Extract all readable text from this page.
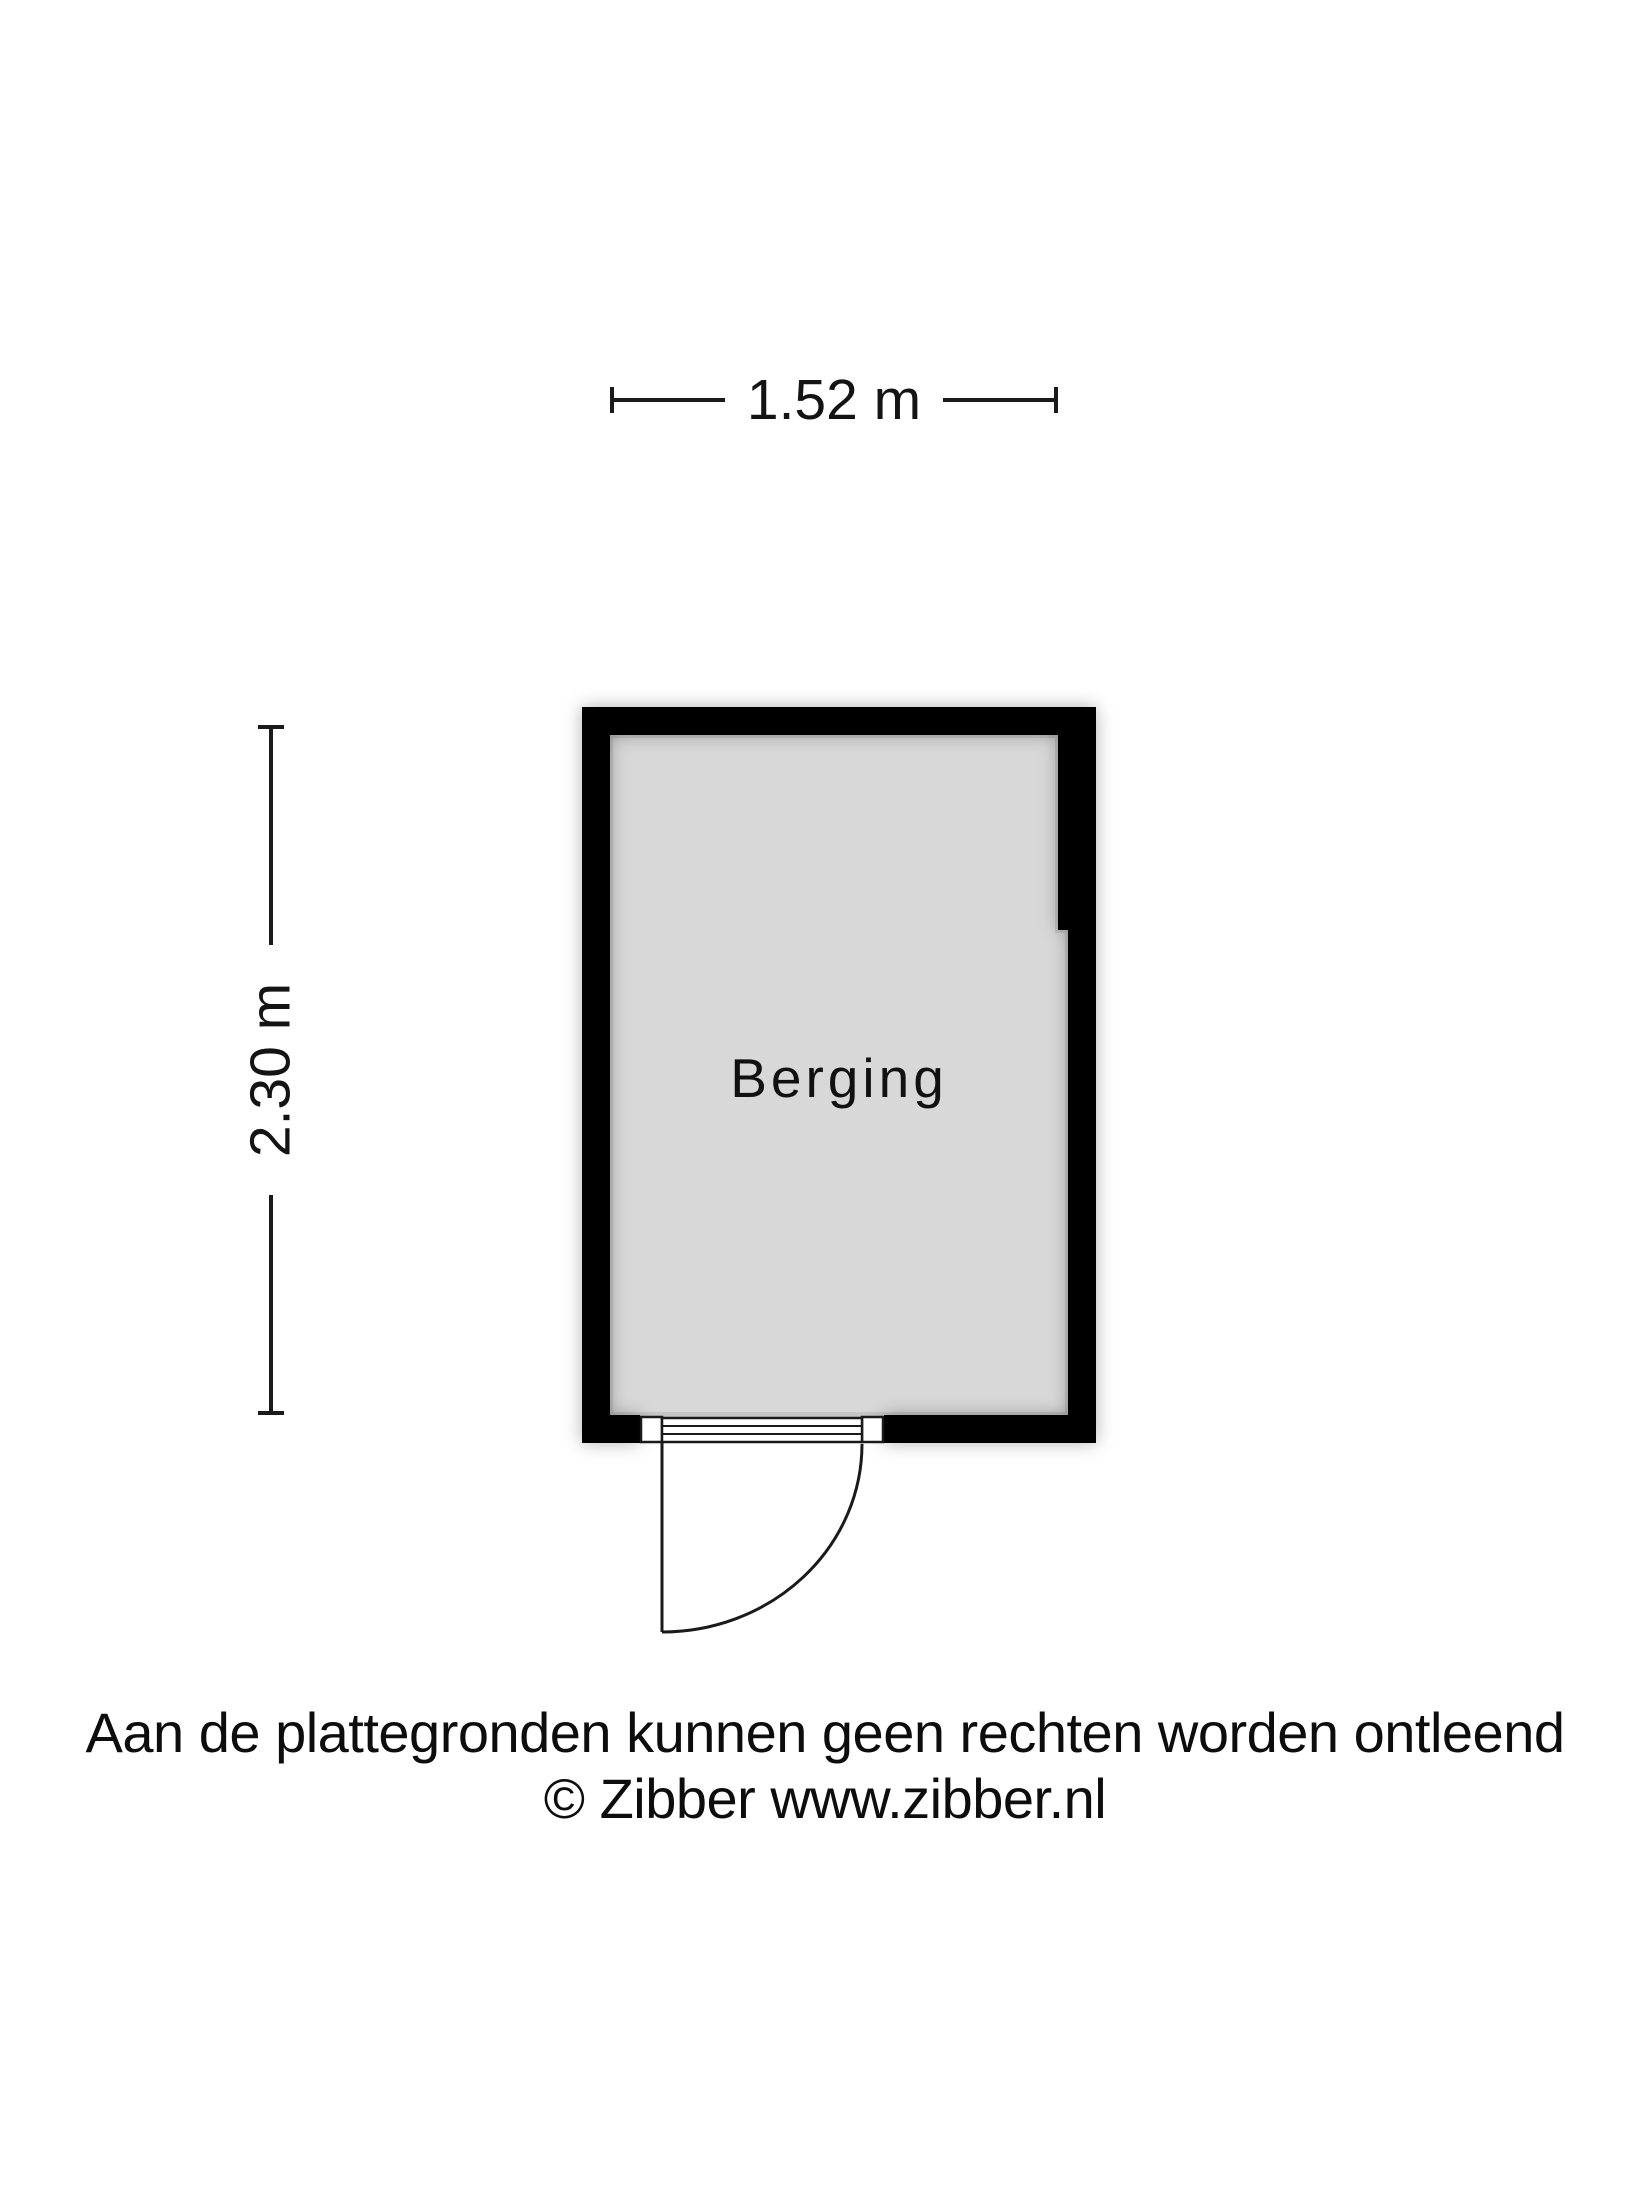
1.52 m
2.30 m	Berging
Aan de plattegronden kunnen geen rechten worden ontleend
© Zibber www.zibber.nl
